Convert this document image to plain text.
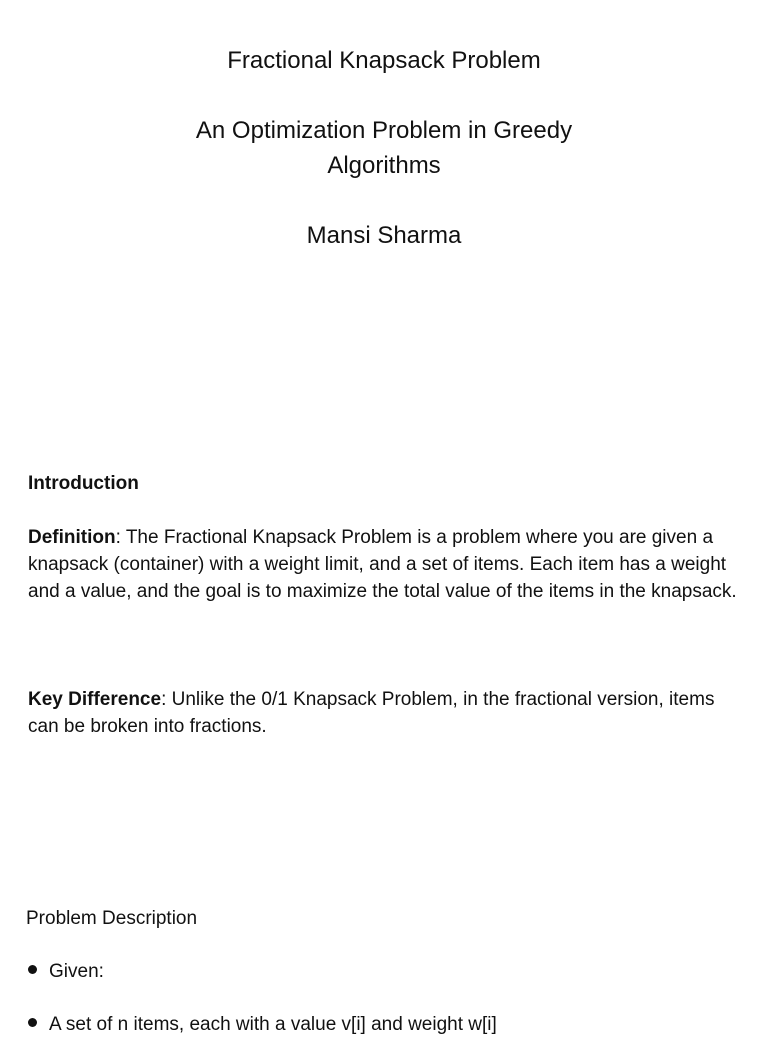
Fractional Knapsack Problem
An Optimization Problem in Greedy
Algorithms
Mansi Sharma
Introduction
Definition: The Fractional Knapsack Problem is a problem where you are given a knapsack (container) with a weight limit, and a set of items. Each item has a weight and a value, and the goal is to maximize the total value of the items in the knapsack.
Key Difference: Unlike the 0/1 Knapsack Problem, in the fractional version, items can be broken into fractions.
Problem Description
Given:
A set of n items, each with a value v[i] and weight w[i]
